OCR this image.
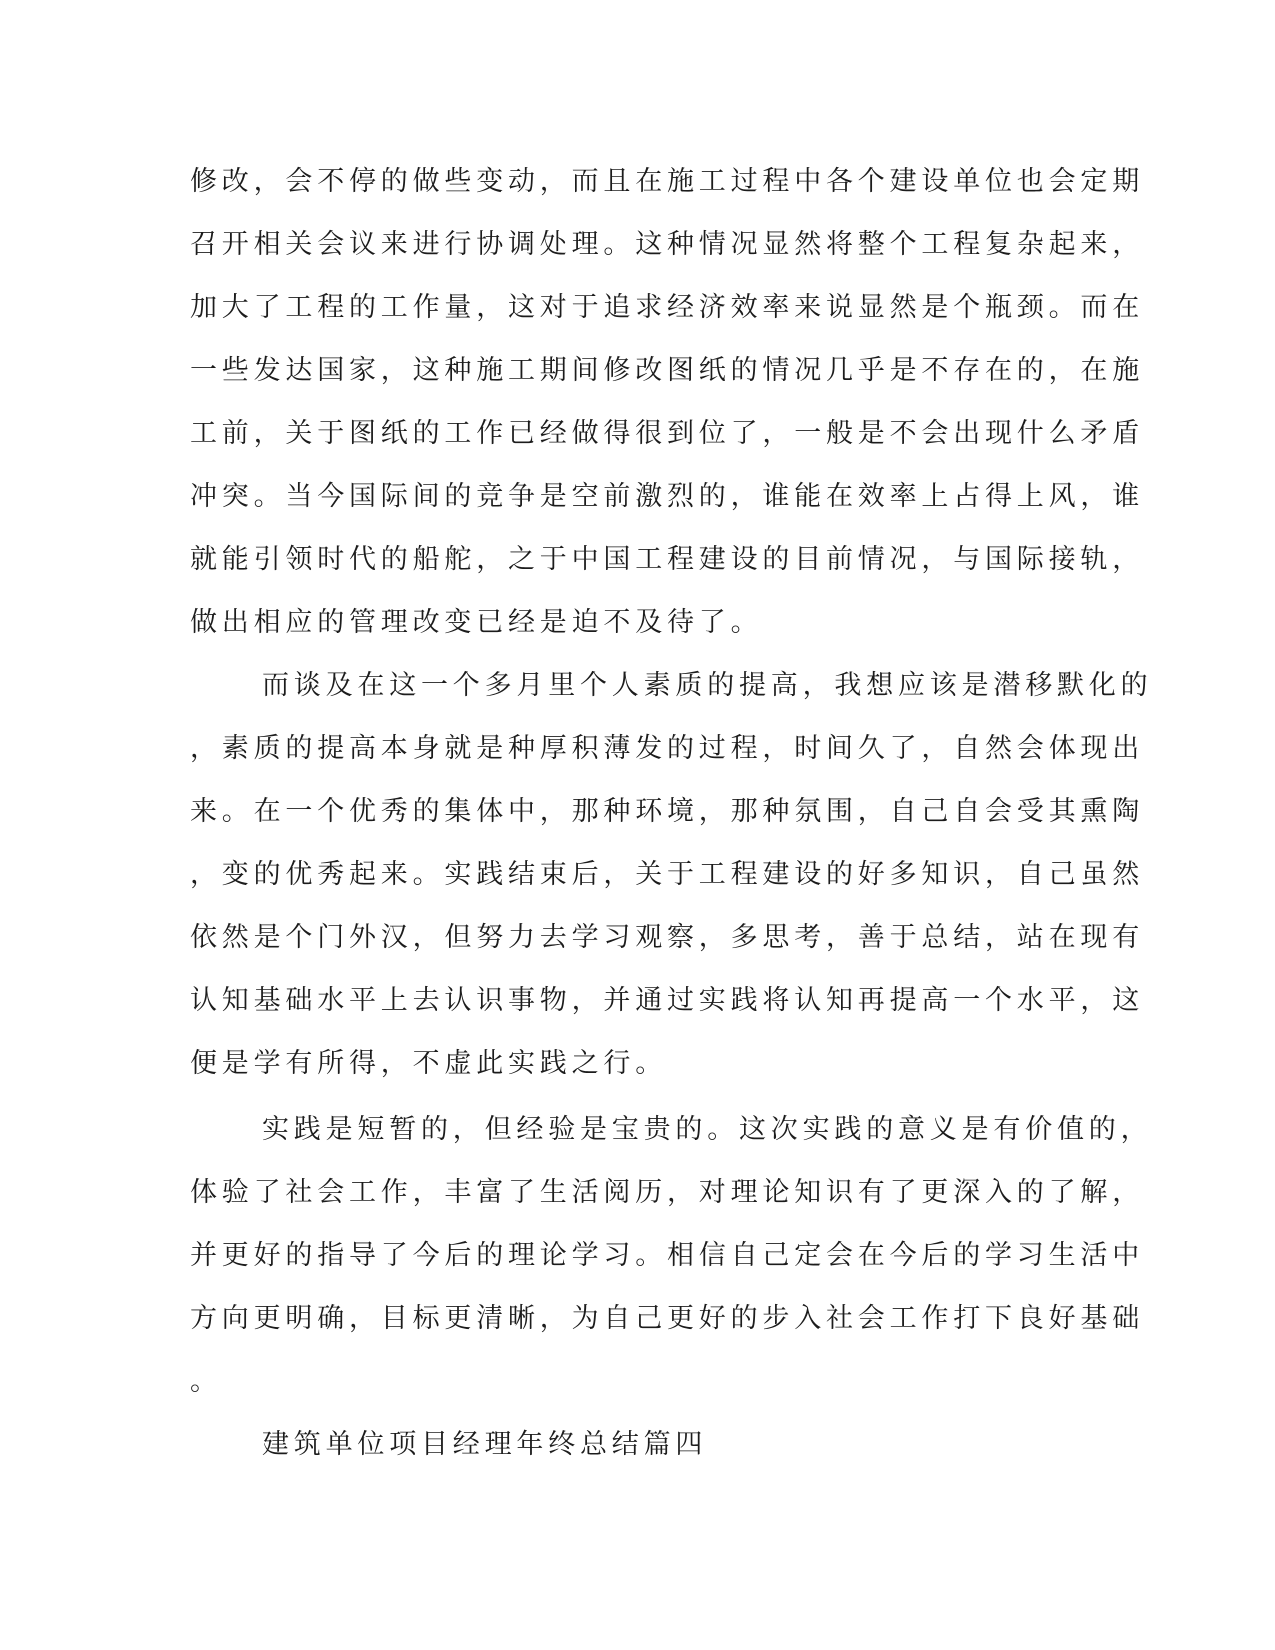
修改，会不停的做些变动，而且在施工过程中各个建设单位也会定期

召开相关会议来进行协调处理。这种情况显然将整个工程复杂起来，

加大了工程的工作量，这对于追求经济效率来说显然是个瓶颈。而在

一些发达国家，这种施工期间修改图纸的情况几乎是不存在的，在施

工前，关于图纸的工作已经做得很到位了，一般是不会出现什么矛盾

冲突。当今国际间的竞争是空前激烈的，谁能在效率上占得上风，谁

就能引领时代的船舵，之于中国工程建设的目前情况，与国际接轨，

做出相应的管理改变已经是迫不及待了。

而谈及在这一个多月里个人素质的提高，我想应该是潜移默化的

，素质的提高本身就是种厚积薄发的过程，时间久了，自然会体现出

来。在一个优秀的集体中，那种环境，那种氛围，自己自会受其熏陶

，变的优秀起来。实践结束后，关于工程建设的好多知识，自己虽然

依然是个门外汉，但努力去学习观察，多思考，善于总结，站在现有

认知基础水平上去认识事物，并通过实践将认知再提高一个水平，这

便是学有所得，不虚此实践之行。

实践是短暂的，但经验是宝贵的。这次实践的意义是有价值的，

体验了社会工作，丰富了生活阅历，对理论知识有了更深入的了解，

并更好的指导了今后的理论学习。相信自己定会在今后的学习生活中

方向更明确，目标更清晰，为自己更好的步入社会工作打下良好基础

。

建筑单位项目经理年终总结篇四
